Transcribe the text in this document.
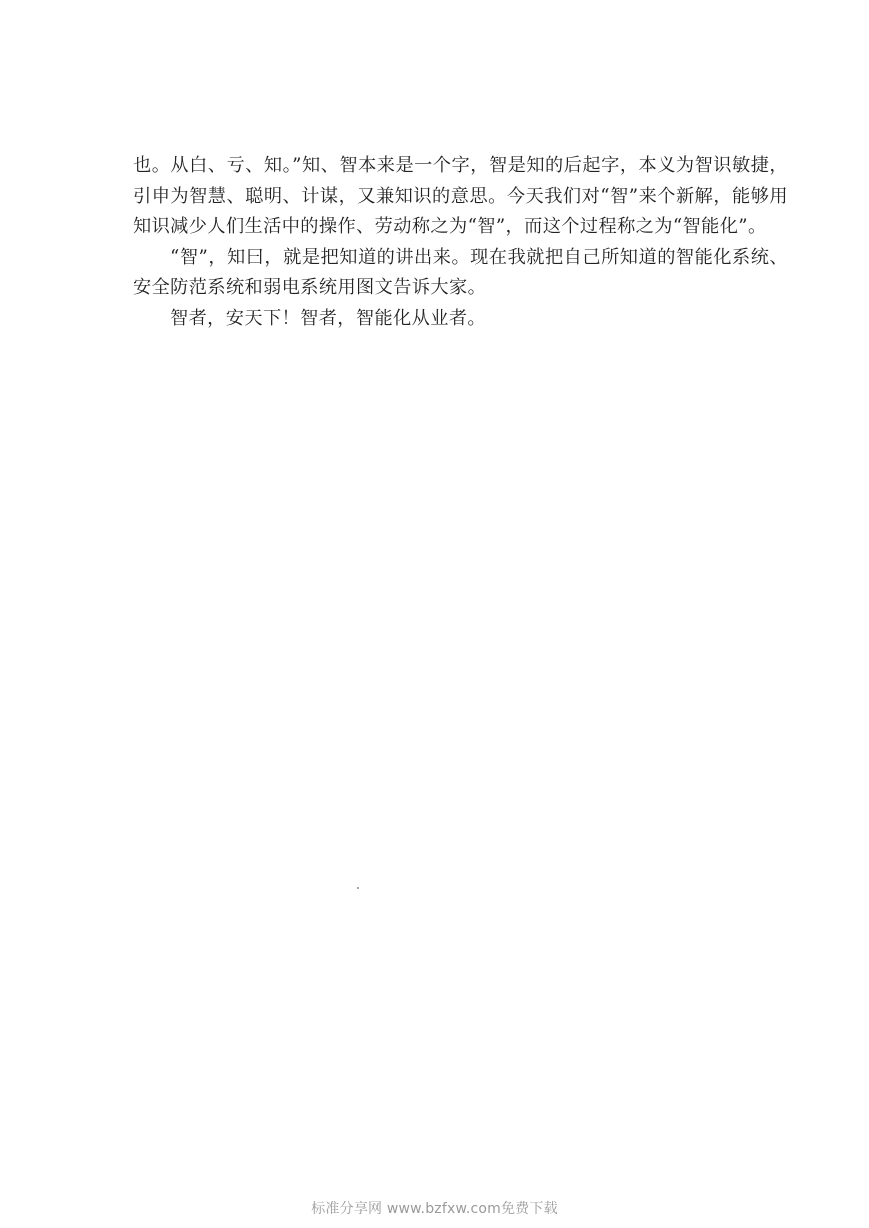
也。从白、亏、知。”知、智本来是一个字，智是知的后起字，本义为智识敏捷，引申为智慧、聪明、计谋，又兼知识的意思。今天我们对“智”来个新解，能够用知识减少人们生活中的操作、劳动称之为“智”，而这个过程称之为“智能化”。

“智”，知曰，就是把知道的讲出来。现在我就把自己所知道的智能化系统、安全防范系统和弱电系统用图文告诉大家。

智者，安天下！智者，智能化从业者。

标准分享网 www.bzfxw.com免费下载
